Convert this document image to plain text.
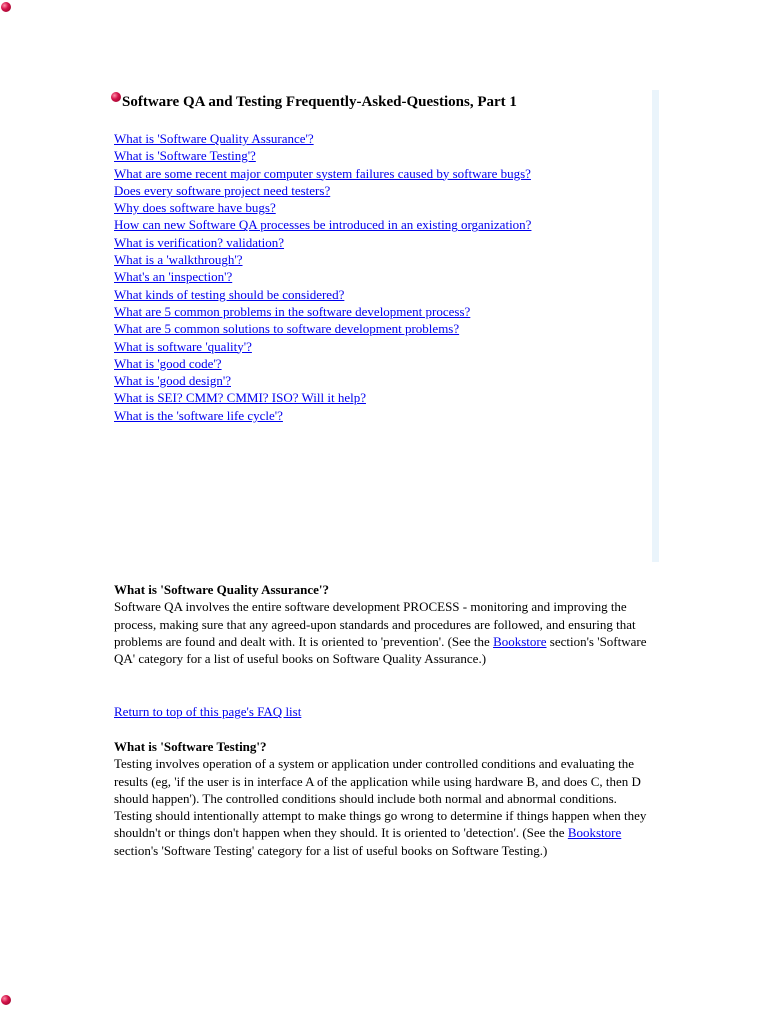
Software QA and Testing Frequently-Asked-Questions, Part 1
What is 'Software Quality Assurance'?
What is 'Software Testing'?
What are some recent major computer system failures caused by software bugs?
Does every software project need testers?
Why does software have bugs?
How can new Software QA processes be introduced in an existing organization?
What is verification? validation?
What is a 'walkthrough'?
What's an 'inspection'?
What kinds of testing should be considered?
What are 5 common problems in the software development process?
What are 5 common solutions to software development problems?
What is software 'quality'?
What is 'good code'?
What is 'good design'?
What is SEI? CMM? CMMI? ISO? Will it help?
What is the 'software life cycle'?
What is 'Software Quality Assurance'?

Software QA involves the entire software development PROCESS - monitoring and improving the process, making sure that any agreed-upon standards and procedures are followed, and ensuring that problems are found and dealt with. It is oriented to 'prevention'. (See the Bookstore section's 'Software QA' category for a list of useful books on Software Quality Assurance.)

Return to top of this page's FAQ list
What is 'Software Testing'?

Testing involves operation of a system or application under controlled conditions and evaluating the results (eg, 'if the user is in interface A of the application while using hardware B, and does C, then D should happen'). The controlled conditions should include both normal and abnormal conditions. Testing should intentionally attempt to make things go wrong to determine if things happen when they shouldn't or things don't happen when they should. It is oriented to 'detection'. (See the Bookstore section's 'Software Testing' category for a list of useful books on Software Testing.)
